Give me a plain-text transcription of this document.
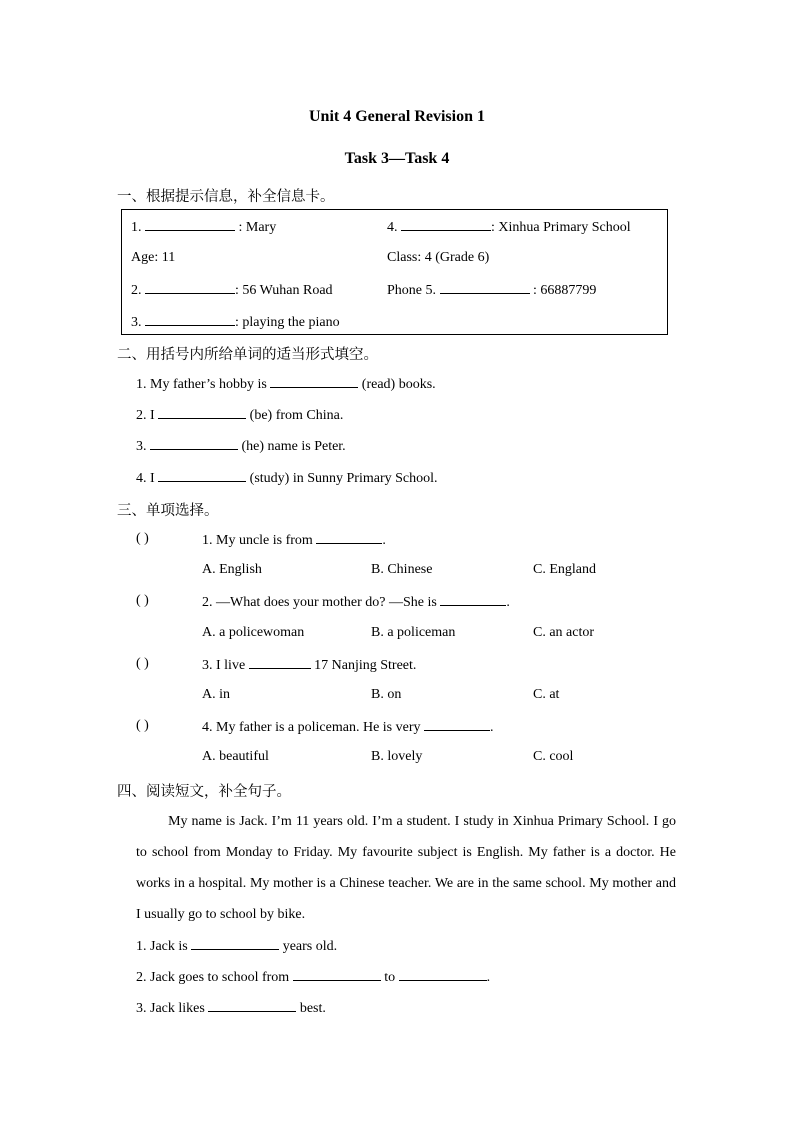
Unit 4 General Revision 1
Task 3—Task 4
一、根据提示信息，补全信息卡。
1.	: Mary	4.	: Xinhua Primary School
Age: 11	Class: 4 (Grade 6)
2.	: 56 Wuhan Road	Phone 5.	: 66887799
3.	: playing the piano
二、用括号内所给单词的适当形式填空。
1. My father’s hobby is	(read) books.
2. I	(be) from China.
3.	(he) name is Peter.
4. I	(study) in Sunny Primary School.
三、单项选择。
( )	1. My uncle is from	.
A. English	B. Chinese	C. England
( )	2. —What does your mother do? —She is	.
A. a policewoman	B. a policeman	C. an actor
( )	3. I live	17 Nanjing Street.
A. in	B. on	C. at
( )	4. My father is a policeman. He is very	.
A. beautiful	B. lovely	C. cool
四、阅读短文，补全句子。
My name is Jack. I’m 11 years old. I’m a student. I study in Xinhua Primary School. I go to school from Monday to Friday. My favourite subject is English. My father is a doctor. He works in a hospital. My mother is a Chinese teacher. We are in the same school. My mother and I usually go to school by bike.
1. Jack is	years old.
2. Jack goes to school from	to	.
3. Jack likes	best.
